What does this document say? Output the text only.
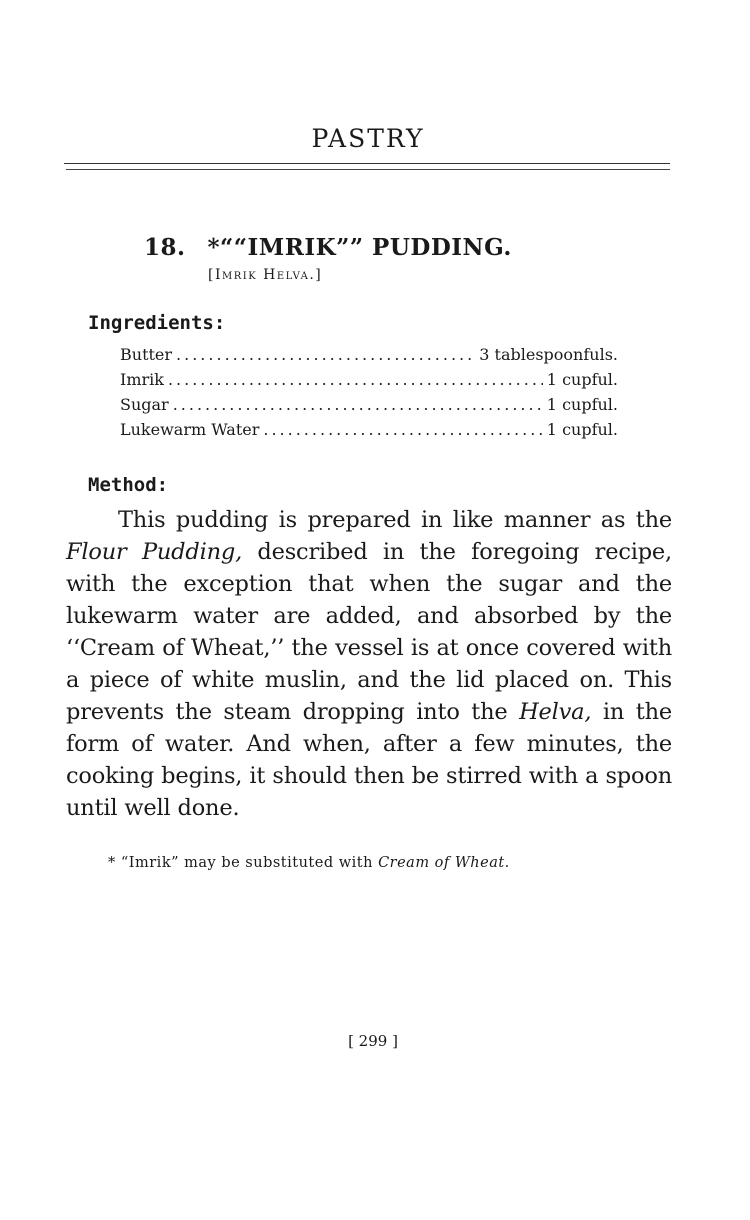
PASTRY
18. *““IMRIK”” PUDDING.
[Imrik Helva.]
Ingredients:
Butter .....	3 tablespoonfuls.
Imrik .....	1 cupful.
Sugar .....	1 cupful.
Lukewarm Water .....	1 cupful.
Method:

This pudding is prepared in like manner as the Flour Pudding, described in the foregoing recipe, with the exception that when the sugar and the lukewarm water are added, and absorbed by the ‘‘Cream of Wheat,’’ the vessel is at once covered with a piece of white muslin, and the lid placed on. This prevents the steam dropping into the Helva, in the form of water. And when, after a few minutes, the cooking begins, it should then be stirred with a spoon until well done.

* “Imrik” may be substituted with Cream of Wheat.
[ 299 ]
